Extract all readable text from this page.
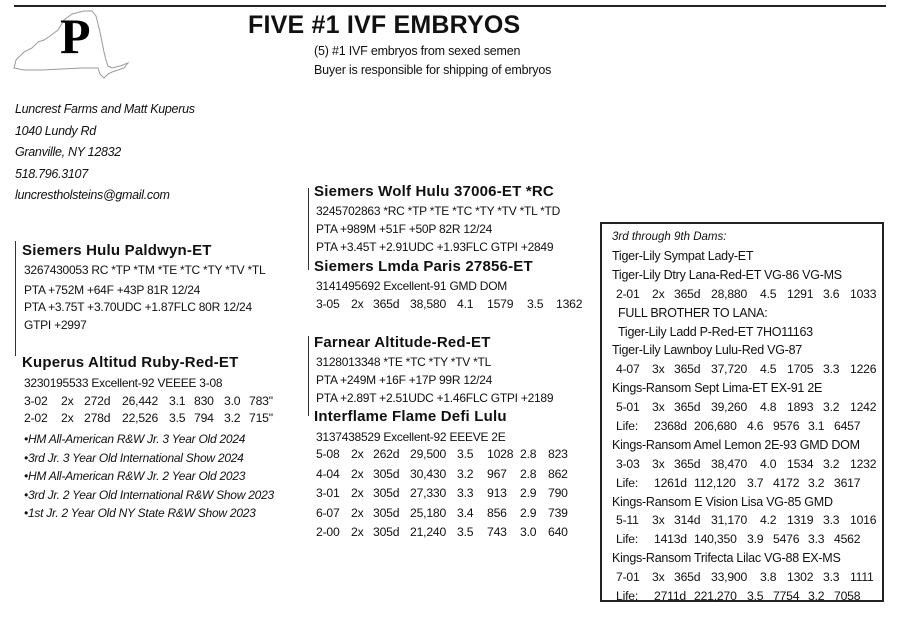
P	FIVE #1 IVF EMBRYOS
(5) #1 IVF embryos from sexed semen
Buyer is responsible for shipping of embryos
Luncrest Farms and Matt Kuperus
1040 Lundy Rd
Granville, NY 12832
518.796.3107
luncrestholsteins@gmail.com
Siemers Hulu Paldwyn-ET
3267430053 RC *TP *TM *TE *TC *TY *TV *TL
PTA +752M +64F +43P 81R 12/24
PTA +3.75T +3.70UDC +1.87FLC 80R 12/24
GTPI +2997
Kuperus Altitud Ruby-Red-ET
3230195533 Excellent-92 VEEEE 3-08
3-02 2x 272d 26,442 3.1 830 3.0 783"
2-02 2x 278d 22,526 3.5 794 3.2 715"
•HM All-American R&W Jr. 3 Year Old 2024
•3rd Jr. 3 Year Old International Show 2024
•HM All-American R&W Jr. 2 Year Old 2023
•3rd Jr. 2 Year Old International R&W Show 2023
•1st Jr. 2 Year Old NY State R&W Show 2023
Siemers Wolf Hulu 37006-ET *RC
3245702863 *RC *TP *TE *TC *TY *TV *TL *TD
PTA +989M +51F +50P 82R 12/24
PTA +3.45T +2.91UDC +1.93FLC GTPI +2849
Siemers Lmda Paris 27856-ET
3141495692 Excellent-91 GMD DOM
3-05 2x 365d 38,580 4.1 1579 3.5 1362
Farnear Altitude-Red-ET
3128013348 *TE *TC *TY *TV *TL
PTA +249M +16F +17P 99R 12/24
PTA +2.89T +2.51UDC +1.46FLC GTPI +2189
Interflame Flame Defi Lulu
3137438529 Excellent-92 EEEVE 2E
5-08 2x 262d 29,500 3.5 1028 2.8 823
4-04 2x 305d 30,430 3.2 967 2.8 862
3-01 2x 305d 27,330 3.3 913 2.9 790
6-07 2x 305d 25,180 3.4 856 2.9 739
2-00 2x 305d 21,240 3.5 743 3.0 640
3rd through 9th Dams:
Tiger-Lily Sympat Lady-ET
Tiger-Lily Dtry Lana-Red-ET VG-86 VG-MS
2-01 2x 365d 28,880 4.5 1291 3.6 1033
FULL BROTHER TO LANA:
Tiger-Lily Ladd P-Red-ET 7HO11163
Tiger-Lily Lawnboy Lulu-Red VG-87
4-07 3x 365d 37,720 4.5 1705 3.3 1226
Kings-Ransom Sept Lima-ET EX-91 2E
5-01 3x 365d 39,260 4.8 1893 3.2 1242
Life: 2368d 206,680 4.6 9576 3.1 6457
Kings-Ransom Amel Lemon 2E-93 GMD DOM
3-03 3x 365d 38,470 4.0 1534 3.2 1232
Life: 1261d 112,120 3.7 4172 3.2 3617
Kings-Ransom E Vision Lisa VG-85 GMD
5-11 3x 314d 31,170 4.2 1319 3.3 1016
Life: 1413d 140,350 3.9 5476 3.3 4562
Kings-Ransom Trifecta Lilac VG-88 EX-MS
7-01 3x 365d 33,900 3.8 1302 3.3 1111
Life: 2711d 221,270 3.5 7754 3.2 7058
